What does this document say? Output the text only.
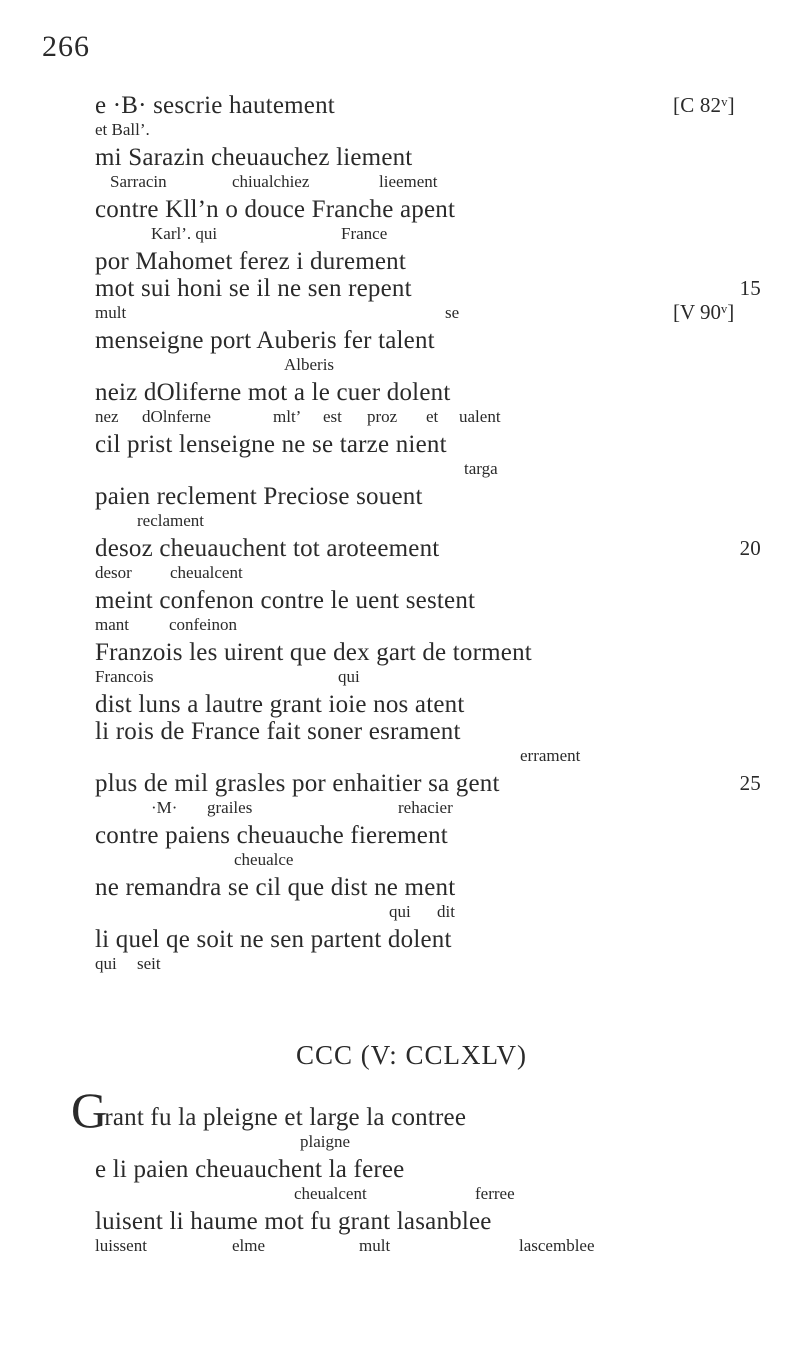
266
e ·B· sescrie hautement	[C 82ᵛ]
et Ball’.
mi Sarazin cheuauchez liement
Sarracin	chiualchiez	lieement
contre Kll’n o douce Franche apent
Karl’. qui	France
por Mahomet ferez i durement
mot sui honi se il ne sen repent	15
mult	se	[V 90ᵛ]
menseigne port Auberis fer talent
Alberis
neiz dOliferne mot a le cuer dolent
nez dOlnferne	mlt’ est proz et ualent
cil prist lenseigne ne se tarze nient
targa
paien reclement Preciose souent
reclament
desoz cheuauchent tot aroteement	20
desor cheualcent
meint confenon contre le uent sestent
mant confeinon
Franzois les uirent que dex gart de torment
Francois	qui
dist luns a lautre grant ioie nos atent
li rois de France fait soner esrament
errament
plus de mil grasles por enhaitier sa gent	25
·M· grailes	rehacier
contre paiens cheuauche fierement
cheualce
ne remandra se cil que dist ne ment
qui dit
li quel qe soit ne sen partent dolent
qui seit
CCC (V: CCLXLV)
Grant fu la pleigne et large la contree
plaigne
e li paien cheuauchent la feree
cheualcent	ferree
luisent li haume mot fu grant lasanblee
luissent	elme	mult	lascemblee
